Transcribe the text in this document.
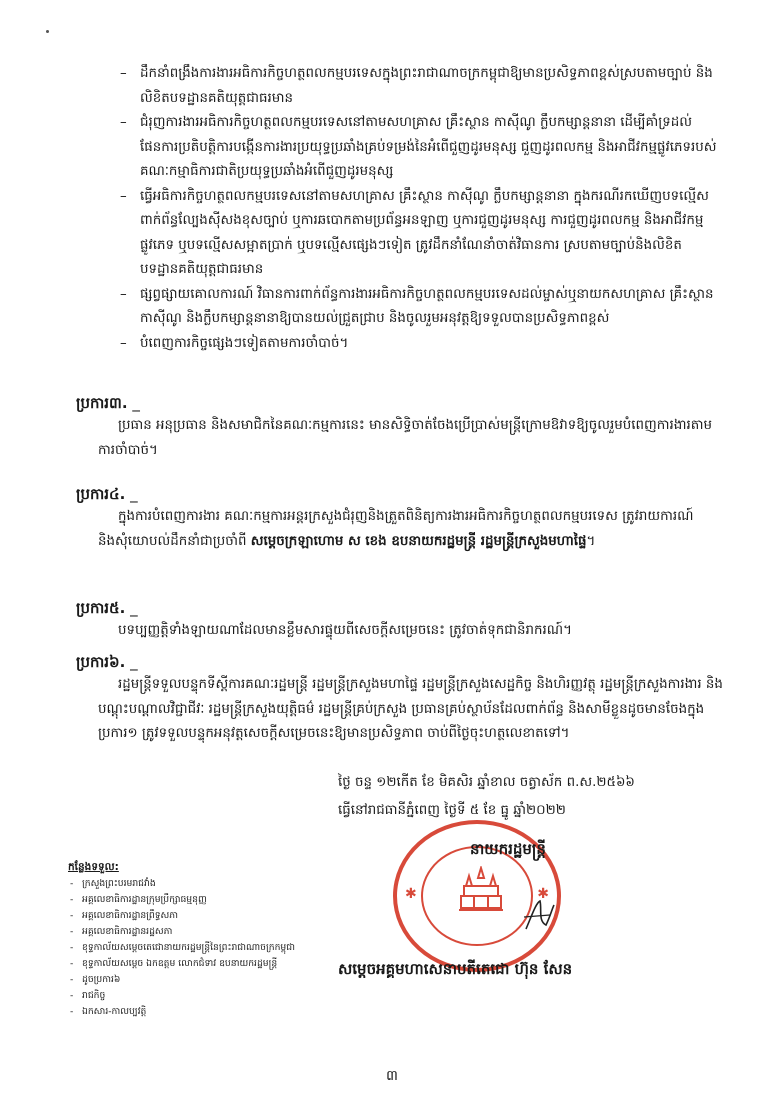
– ដឹកនាំពង្រឹងការងារអធិការកិច្ចហត្ថពលកម្មបរទេសក្នុងព្រះរាជាណាចក្រកម្ពុជាឱ្យមានប្រសិទ្ធភាពខ្ពស់ស្របតាមច្បាប់ និងលិខិតបទដ្ឋានគតិយុត្តជាធរមាន
– ជំរុញការងារអធិការកិច្ចហត្ថពលកម្មបរទេសនៅតាមសហគ្រាស គ្រឹះស្ថាន កាស៊ីណូ ក្លឹបកម្សាន្តនានា ដើម្បីគាំទ្រដល់ផែនការប្រតិបត្តិការបង្កើនការងារប្រយុទ្ធប្រឆាំងគ្រប់ទម្រង់នៃអំពើជួញដូរមនុស្ស ជួញដូរពលកម្ម និងអាជីវកម្មផ្លូវភេទរបស់គណៈកម្មាធិការជាតិប្រយុទ្ធប្រឆាំងអំពើជួញដូរមនុស្ស
– ធ្វើអធិការកិច្ចហត្ថពលកម្មបរទេសនៅតាមសហគ្រាស គ្រឹះស្ថាន កាស៊ីណូ ក្លឹបកម្សាន្តនានា ក្នុងករណីរកឃើញបទល្មើសពាក់ព័ន្ធល្បែងស៊ីសងខុសច្បាប់ ឬការឆបោកតាមប្រព័ន្ធអនឡាញ ឬការជួញដូរមនុស្ស ការជួញដូរពលកម្ម និងអាជីវកម្មផ្លូវភេទ ឬបទល្មើសសម្អាតប្រាក់ ឬបទល្មើសផ្សេងៗទៀត ត្រូវដឹកនាំណែនាំចាត់វិធានការ ស្របតាមច្បាប់និងលិខិតបទដ្ឋានគតិយុត្តជាធរមាន
– ផ្សព្វផ្សាយគោលការណ៍ វិធានការពាក់ព័ន្ធការងារអធិការកិច្ចហត្ថពលកម្មបរទេសដល់ម្ចាស់ឬនាយកសហគ្រាស គ្រឹះស្ថាន កាស៊ីណូ និងក្លឹបកម្សាន្តនានាឱ្យបានយល់ជ្រួតជ្រាប និងចូលរួមអនុវត្តឱ្យទទួលបានប្រសិទ្ធភាពខ្ពស់
– បំពេញការកិច្ចផ្សេងៗទៀតតាមការចាំបាច់។
ប្រការ៣. _
ប្រធាន អនុប្រធាន និងសមាជិកនៃគណៈកម្មការនេះ មានសិទ្ធិចាត់ចែងប្រើប្រាស់មន្ត្រីក្រោមឱវាទឱ្យចូលរួមបំពេញការងារតាមការចាំបាច់។
ប្រការ៤. _
ក្នុងការបំពេញការងារ គណៈកម្មការអន្តរក្រសួងជំរុញនិងត្រួតពិនិត្យការងារអធិការកិច្ចហត្ថពលកម្មបរទេស ត្រូវរាយការណ៍ និងសុំយោបល់ដឹកនាំជាប្រចាំពី សម្តេចក្រឡាហោម ស ខេង ឧបនាយករដ្ឋមន្ត្រី រដ្ឋមន្ត្រីក្រសួងមហាផ្ទៃ។
ប្រការ៥. _
បទប្បញ្ញត្តិទាំងឡាយណាដែលមានខ្លឹមសារផ្ទុយពីសេចក្តីសម្រេចនេះ ត្រូវចាត់ទុកជានិរាករណ៍។
ប្រការ៦. _
រដ្ឋមន្ត្រីទទួលបន្ទុកទីស្តីការគណៈរដ្ឋមន្ត្រី រដ្ឋមន្ត្រីក្រសួងមហាផ្ទៃ រដ្ឋមន្ត្រីក្រសួងសេដ្ឋកិច្ច និងហិរញ្ញវត្ថុ រដ្ឋមន្ត្រីក្រសួងការងារ និងបណ្តុះបណ្តាលវិជ្ជាជីវៈ រដ្ឋមន្ត្រីក្រសួងយុត្តិធម៌ រដ្ឋមន្ត្រីគ្រប់ក្រសួង ប្រធានគ្រប់ស្ថាប័នដែលពាក់ព័ន្ធ និងសាមីខ្លួនដូចមានចែងក្នុងប្រការ១ ត្រូវទទួលបន្ទុកអនុវត្តសេចក្តីសម្រេចនេះឱ្យមានប្រសិទ្ធភាព ចាប់ពីថ្ងៃចុះហត្ថលេខាតទៅ។
ថ្ងៃ ចន្ទ ១២កើត ខែ មិគសិរ ឆ្នាំខាល ចត្វាស័ក ព.ស.២៥៦៦
ធ្វើនៅរាជធានីភ្នំពេញ ថ្ងៃទី ៥ ខែ ធ្នូ ឆ្នាំ២០២២
✱	✱
នាយករដ្ឋមន្ត្រី
សម្តេចអគ្គមហាសេនាបតីតេជោ ហ៊ុន សែន
កន្លែងទទួល:
- ក្រសួងព្រះបរមរាជវាំង
- អគ្គលេខាធិការដ្ឋានក្រុមប្រឹក្សាធម្មនុញ្ញ
- អគ្គលេខាធិការដ្ឋានព្រឹទ្ធសភា
- អគ្គលេខាធិការដ្ឋានរដ្ឋសភា
- ខុទ្ទកាល័យសម្តេចតេជោនាយករដ្ឋមន្ត្រីនៃព្រះរាជាណាចក្រកម្ពុជា
- ខុទ្ទកាល័យសម្តេច ឯកឧត្តម លោកជំទាវ ឧបនាយករដ្ឋមន្ត្រី
- ដូចប្រការ៦
- រាជកិច្ច
- ឯកសារ-កាលប្បវត្តិ
៣
